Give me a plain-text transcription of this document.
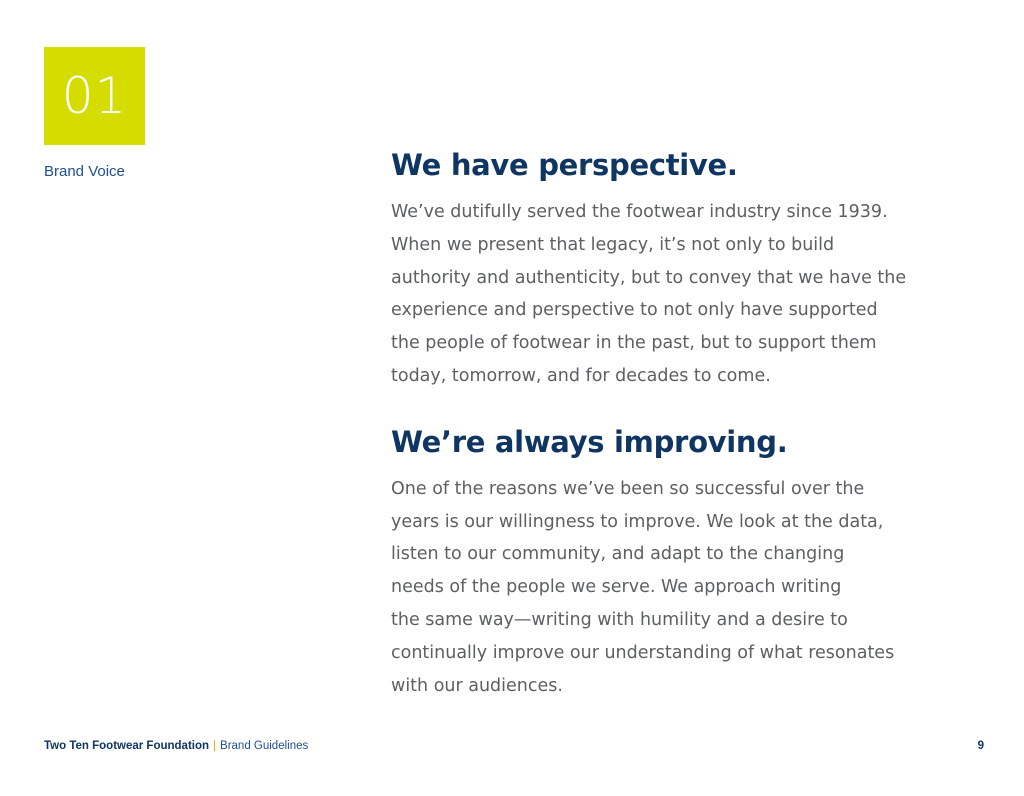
01
Brand Voice	We have perspective.

We’ve dutifully served the footwear industry since 1939.
When we present that legacy, it’s not only to build
authority and authenticity, but to convey that we have the
experience and perspective to not only have supported
the people of footwear in the past, but to support them
today, tomorrow, and for decades to come.

We’re always improving.

One of the reasons we’ve been so successful over the
years is our willingness to improve. We look at the data,
listen to our community, and adapt to the changing
needs of the people we serve. We approach writing
the same way—writing with humility and a desire to
continually improve our understanding of what resonates
with our audiences.

Two Ten Footwear Foundation | Brand Guidelines	9
